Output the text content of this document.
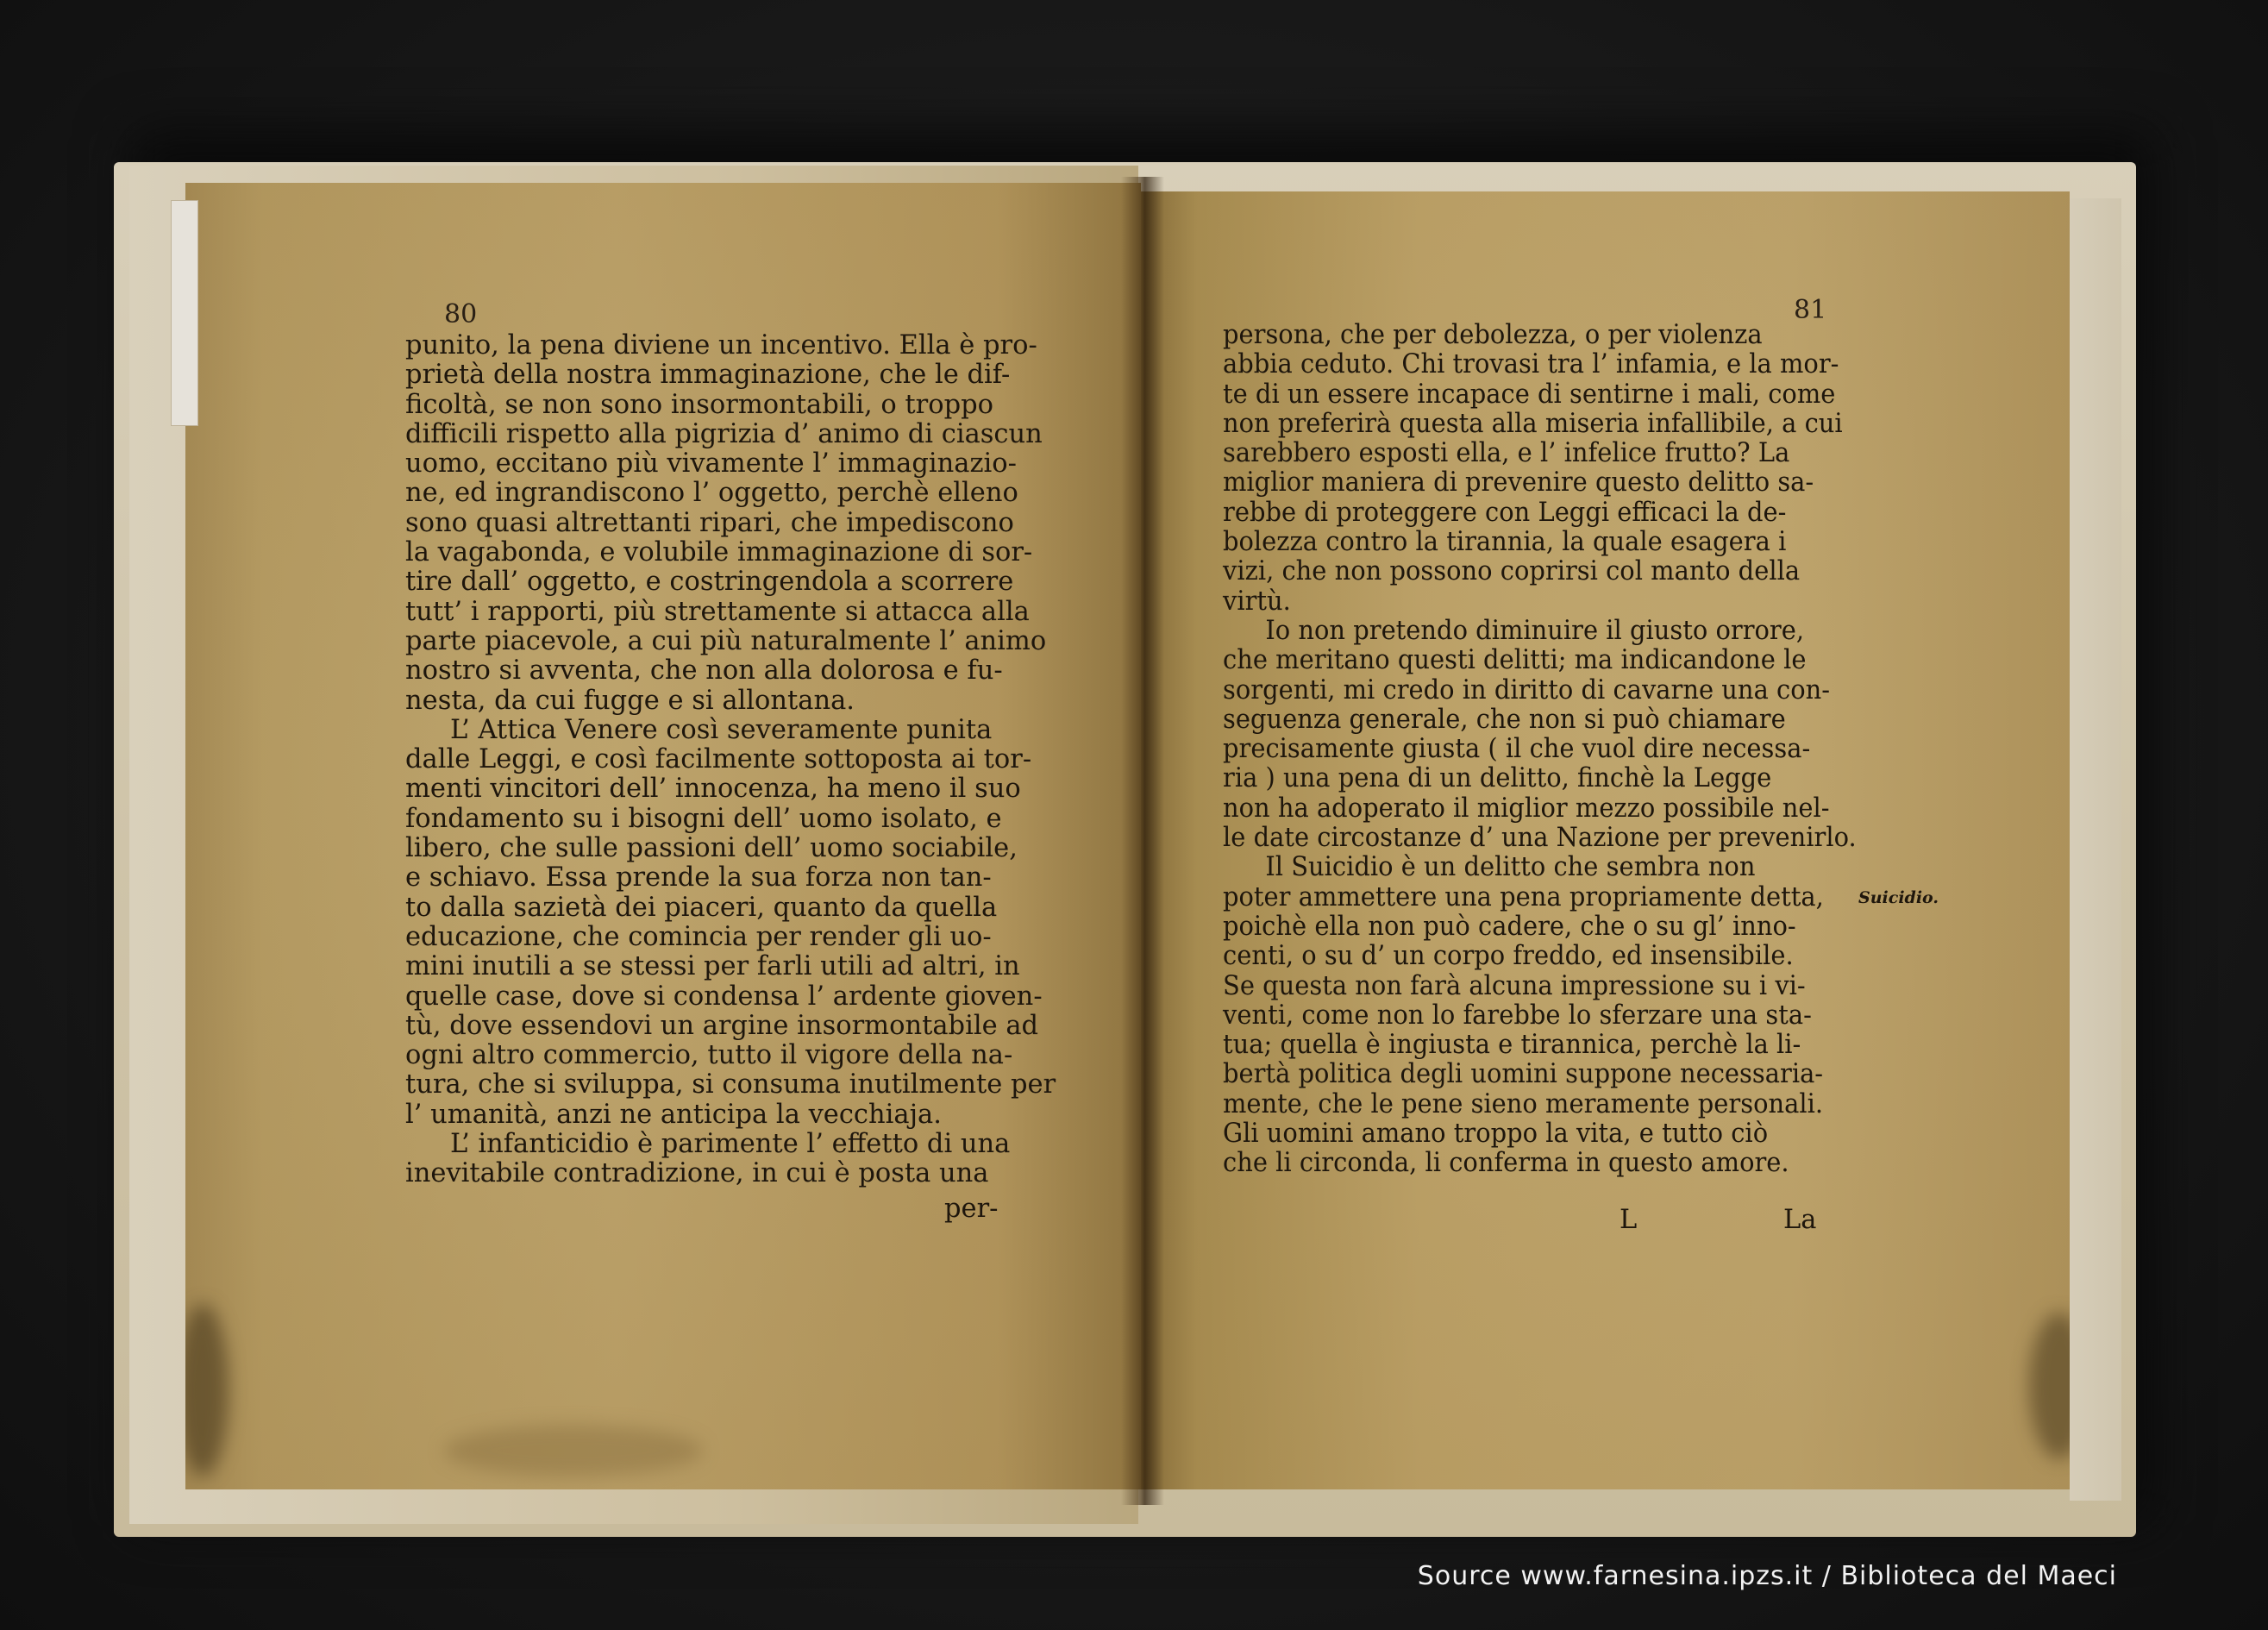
80
punito, la pena diviene un incentivo. Ella è pro-
prietà della nostra immaginazione, che le dif-
ficoltà, se non sono insormontabili, o troppo
difficili rispetto alla pigrizia d’ animo di ciascun
uomo, eccitano più vivamente l’ immaginazio-
ne, ed ingrandiscono l’ oggetto, perchè elleno
sono quasi altrettanti ripari, che impediscono
la vagabonda, e volubile immaginazione di sor-
tire dall’ oggetto, e costringendola a scorrere
tutt’ i rapporti, più strettamente si attacca alla
parte piacevole, a cui più naturalmente l’ animo
nostro si avventa, che non alla dolorosa e fu-
nesta, da cui fugge e si allontana.
L’ Attica Venere così severamente punita
dalle Leggi, e così facilmente sottoposta ai tor-
menti vincitori dell’ innocenza, ha meno il suo
fondamento su i bisogni dell’ uomo isolato, e
libero, che sulle passioni dell’ uomo sociabile,
e schiavo. Essa prende la sua forza non tan-
to dalla sazietà dei piaceri, quanto da quella
educazione, che comincia per render gli uo-
mini inutili a se stessi per farli utili ad altri, in
quelle case, dove si condensa l’ ardente gioven-
tù, dove essendovi un argine insormontabile ad
ogni altro commercio, tutto il vigore della na-
tura, che si sviluppa, si consuma inutilmente per
l’ umanità, anzi ne anticipa la vecchiaja.
L’ infanticidio è parimente l’ effetto di una
inevitabile contradizione, in cui è posta una
per-
81
persona, che per debolezza, o per violenza
abbia ceduto. Chi trovasi tra l’ infamia, e la mor-
te di un essere incapace di sentirne i mali, come
non preferirà questa alla miseria infallibile, a cui
sarebbero esposti ella, e l’ infelice frutto? La
miglior maniera di prevenire questo delitto sa-
rebbe di proteggere con Leggi efficaci la de-
bolezza contro la tirannia, la quale esagera i
vizi, che non possono coprirsi col manto della
virtù.
Io non pretendo diminuire il giusto orrore,
che meritano questi delitti; ma indicandone le
sorgenti, mi credo in diritto di cavarne una con-
seguenza generale, che non si può chiamare
precisamente giusta ( il che vuol dire necessa-
ria ) una pena di un delitto, finchè la Legge
non ha adoperato il miglior mezzo possibile nel-
le date circostanze d’ una Nazione per prevenirlo.
Il Suicidio è un delitto che sembra non
poter ammettere una pena propriamente detta,
poichè ella non può cadere, che o su gl’ inno-
centi, o su d’ un corpo freddo, ed insensibile.
Se questa non farà alcuna impressione su i vi-
venti, come non lo farebbe lo sferzare una sta-
tua; quella è ingiusta e tirannica, perchè la li-
bertà politica degli uomini suppone necessaria-
mente, che le pene sieno meramente personali.
Gli uomini amano troppo la vita, e tutto ciò
che li circonda, li conferma in questo amore.
Suicidio.
L	La
Source www.farnesina.ipzs.it / Biblioteca del Maeci
